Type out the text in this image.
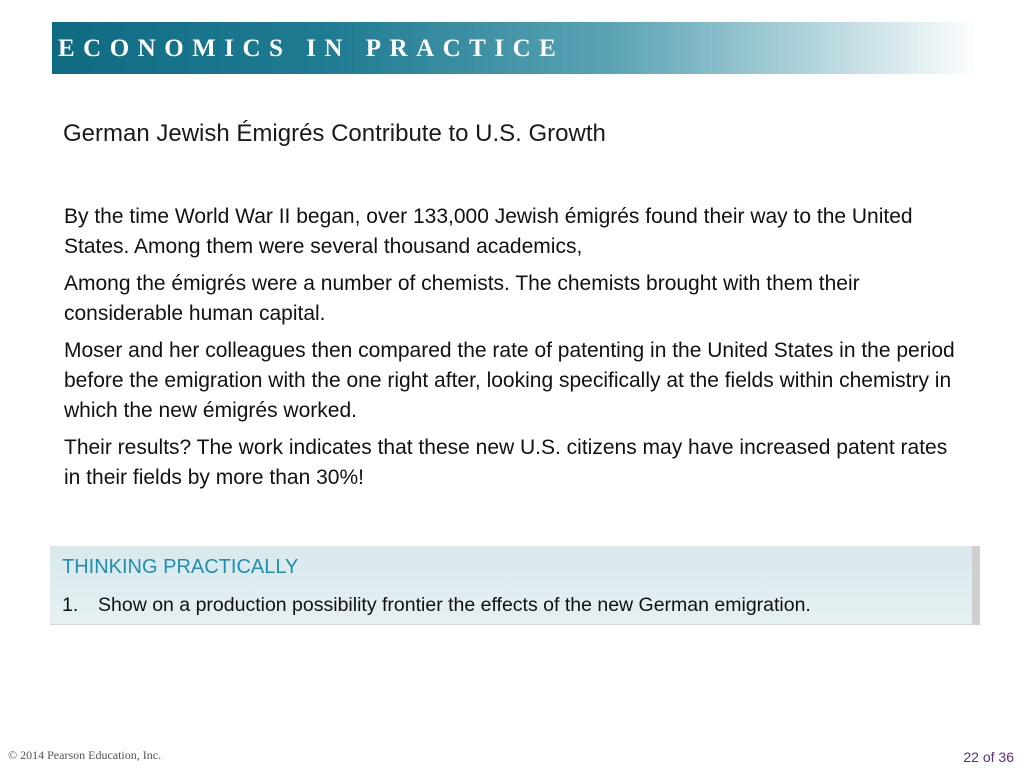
ECONOMICS IN PRACTICE
German Jewish Émigrés Contribute to U.S. Growth

By the time World War II began, over 133,000 Jewish émigrés found their way to the United States. Among them were several thousand academics,

Among the émigrés were a number of chemists. The chemists brought with them their considerable human capital.

Moser and her colleagues then compared the rate of patenting in the United States in the period before the emigration with the one right after, looking specifically at the fields within chemistry in which the new émigrés worked.

Their results? The work indicates that these new U.S. citizens may have increased patent rates in their fields by more than 30%!

THINKING PRACTICALLY
1. Show on a production possibility frontier the effects of the new German emigration.
© 2014 Pearson Education, Inc.	22 of 36
